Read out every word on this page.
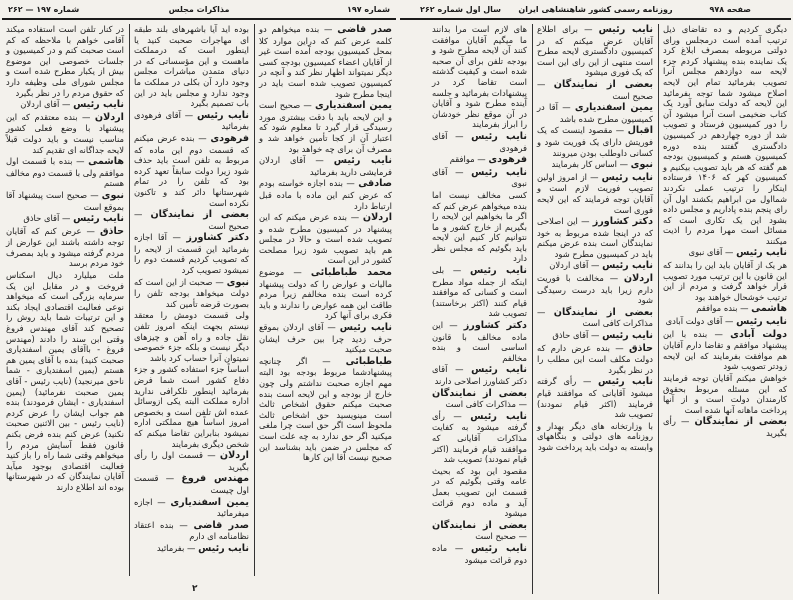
شماره ۱۹۷
مذاکرات مجلس
شماره ۱۹۷ — ۲۶۲

در کنار تلفن است استفاده میکند آقامی خواهم با ملاحظه که کم است صحبت کنم و در کمیسیون و جلسات خصوصی این موضوع بیش از یکبار مطرح شده است و مجلس شورای ملی وظیفه دارد که حقوق مردم را در نظر بگیرد

نایب رئیس — آقای اردلان

اردلان — بنده معتقدم که این پیشنهاد با وضع فعلی کشور مناسب نیست و باید دولت قبلاً لایحه جداگانه ای تقدیم کند

هاشمی — بنده با قسمت اول موافقم ولی با قسمت دوم مخالف هستم

نبوی — صحیح است پیشنهاد آقا بموقع است

نایب رئیس — آقای حاذق

حاذق — عرض کنم که آقایان توجه داشته باشند این عوارض از مردم گرفته میشود و باید بمصرف خود مردم برسد

ملت میلیارد دیال اسکناس فروخت و در مقابل این یک سرمایه بزرگی است که میخواهد نوعی فعالیت اقتصادی ایجاد بکند و این ترتیبات شما باید روش را تصحیح کند آقای مهندس فروغ وقتی ابن سند را دادند (مهندس فروغ - باآقای یمین اسفندیاری صحبت کنید) بنده با آقای یمین هم هستم (یمین اسفندیاری - شما ناحق میرنجید) (نایب رئیس - آقای یمین صحبت نفرمائید) (یمین اسفندیاری - ایشان فرمودند) بنده هم جواب ایشان را عرض کردم (نایب رئیس - بین الاثنین صحبت نکنید) عرض کنم بنده فرض بکنم قانون فقط آسایش مردم را میخواهم وقتی شما راه را باز کنید فعالیت اقتصادی بوجود میآید آقایان نمایندگان که در شهرستانها بوده اند اطلاع دارند

بوده اید آیا باشهرهای بلند طبقه ای مهاجرات صحبت کنید یا اینطور است که درمملکت ماهست و این مؤسساتی که در دنیای متمدن مباشرات مجلس وجود دارد آن بکلی در مملکت ما وجود ندارد و مجلس باید در این باب تصمیم بگیرد

نایب رئیس — آقای فرهودی بفرمائید

فرهودی — بنده عرض میکنم که قسمت دوم این ماده که مربوط به تلفن است باید حذف شود زیرا دولت سابقاً تعهد کرده بود که تلفن را در تمام شهرستانها دائر کند و تاکنون نکرده است

بعضی از نمایندگان — صحیح است

دکتر کشاورز — آقا اجازه بفرمائید این قسمت از لایحه را که تصویب کردیم قسمت دوم را نمیشود تصویب کرد

نبوی — صحبت از این است که دولت میخواهد بودجه تلفن را بصورت قرضه تأمین کند

ولی قسمت دومش را معتقد نیستم بجهت اینکه امروز تلفن نقل جاده و راه آهن و چیزهای دیگر نیست و بلکه جزء خصوصی نمیتوان آنرا حساب کرد باشد

اساساً جزء استفاده کشور و جزء دفاع کشور است شما فرض بفرمائید اینطور تلکرافی ندارید اداره مملکت البته یکی ازوسائل عمده اش تلفن است و بخصوص امروز اساساً هیچ مملکتی اداره نمیشود بنابراین تقاضا میکنم که شخص دیگری بفرمایند

اردلان — قسمت اول را رأی بگیرید

مهندس فروغ — قسمت اول چیست

یمین اسفندیاری — اجازه میفرمائید

صدر قاضی — بنده اعتقاد نظامنامه ای دارم

نایب رئیس — بفرمائید

صدر قاضی — بنده میخواهم دو کلمه عرض کنم که دراین موارد کلا بمحل کمیسیون بودجه آمده است غیر از آقایان اعضاء کمیسیون بودجه کسی دیگر نمیتواند اظهار نظر کند و آنچه در کمیسیون تصویب شده است باید در اینجا مطرح شود

یمین اسفندیاری — صحیح است و این لایحه باید با دقت بیشتری مورد رسیدگی قرار گیرد تا معلوم شود که اعتبار آن از کجا تأمین خواهد شد و مصرف آن برای چه خواهد بود

نایب رئیس — آقای اردلان فرمایشی دارید بفرمائید

صادقی — بنده اجازه خواسته بودم که عرض کنم این ماده با ماده قبل ارتباط دارد

اردلان — بنده عرض میکنم که این پیشنهاد در کمیسیون مطرح شده و تصویب شده است و حالا در مجلس هم باید تصویب شود زیرا مصلحت کشور در این است

محمد طباطبائی — موضوع مالیات و عوارض را که دولت پیشنهاد کرده است بنده مخالفم زیرا مردم طاقت این همه عوارض را ندارند و باید فکری برای آنها کرد

نایب رئیس — آقای اردلان بموقع حرف زدید چرا بین حرف ایشان صحبت میکنید

طباطبائی — اگر چنانچه پیشنهادشما مربوط بودجه بود البته مهم اجازه صحبت نداشتم ولی چون خارج از بودجه و این لایحه است بنده صحبت میکنم حقوق اشخاص ثالث است مینویسید حق اشخاص ثالث ملحوظ است اگر حق است چرا ملغی میکنید اگر حق ندارد به چه علت است که مجلس در ضمن باید بشناسد این صحیح نیست آقا این کارها

۲
صفحه ۹۷۸
روزنامه رسمی کشور شاهنشاهی ایران
سال اول شماره ۲۶۲

های لازم است مرا بدانند ما میگیم آقایان موافقت کنند آن لایحه مطرح شود و بودجه تلفن برای آن صحبه شده است و کیفیت گذشته است تقاضا کرد در پیشنهادات بفرمائید و جلسه آینده مطرح شود و آقایان در آن موقع نظر خودشان را ابراز بفرمایند

نایب رئیس — آقای فرهودی

فرهودی — موافقم

نایب رئیس — آقای نبوی

کسی مخالف نیست اما بنده میخواهم عرض کنم که اگر ما بخواهیم این لایحه را بگیریم از خارج کشور و ما نتوانیم کار کنیم این لایحه باید بگوئیم که مجلس نظر دارد

نایب رئیس — بلی اینکه از جمله مواد مطرح است و کسانی که موافقند قیام کنند (اکثر برخاستند) تصویب شد

دکتر کشاورز — این ماده مخالف با قانون اساسی است و بنده مخالفم

نایب رئیس — آقای دکتر کشاورز اصلاحی دارند

بعضی از نمایندگان — مذاکرات کافی است

نایب رئیس — رأی گرفته میشود به کفایت مذاکرات آقایانی که موافقند قیام فرمایند (اکثر قیام نمودند) تصویب شد

مقصود این بود که بحیث عامه وقتی بگوئیم که در قسمت این تصویب بعمل آید و ماده دوم قرائت میشود

بعضی از نمایندگان — صحیح است

نایب رئیس — ماده دوم قرائت میشود

نایب رئیس — برای اطلاع آقایان عرض میکنم که در کمیسیون دادگستری لایحه مطرح است منتهی از این رای این است که یک فوری میشود

بعضی از نمایندگان — صحیح است

یمین اسفندیاری — آقا در کمیسیون مطرح شده باشد

اقبال — مقصود اینست که یک فوریتش دارای یک فوریت شود و کسانی داوطلب بودن میرونند

نبوی — اساس کار بفرمایند

نایب رئیس — از امروز اولین تصویب فوریت لازم است و آقایان توجه فرمایند که این لایحه فوری است

دکتر کشاورز — این اصلاحی که در اینجا شده مربوط به خود نمایندگان است بنده عرض میکنم باید در کمیسیون مطرح شود

نایب رئیس — آقای اردلان

اردلان — مخالفت با فوریت دارم زیرا باید درست رسیدگی شود

بعضی از نمایندگان — مذاکرات کافی است

نایب رئیس — آقای حاذق

حاذق — بنده عرض دارم که دولت مکلف است این مطلب را در نظر بگیرد

نایب رئیس — رأی گرفته میشود آقایانی که موافقند قیام فرمایند (اکثر قیام نمودند) تصویب شد

با وزارتخانه های دیگر بهدار و روزنامه های دولتی و بنگاههای وابسته به دولت باید پرداخت شود

دیگری کردیم و ده تقاضای ذیل ترتیب آمده است درمجلس ورای دولتی مربوطه بمصرف ابلاغ کرد یک نماینده بنده پیشنهاد کردم جزء لایحه سه دوازدهم مجلس آنرا تصویب بفرمائید تمام این لایحه اصلاح میشود شما توجه بفرمائید این لایحه که دولت سابق آورد یک کتاب ضخیمی است آنرا میشود آن را دور کمیسیون فرستاد و تصویب شد از دوره چهاردهم در کمیسیون دادگستری گفتند بنده دوره کمیسیون هستم و کمیسیون بودجه هم گفته که هر باید تصویب بیکنیم و کمیسیون کهر که ۱۴۰۶ فرستاده اینکار را ترتیب عملی نکردند شمااول من ابراهیم بکشند اول آن رای پنجم بنده پاداریم و مجلس داده بشود این یک تکاری است که مسائل است مهرا مردم را اذیت میکنند

نایب رئیس — آقای نبوی

هر یک از آقایان باید این را بدانند که این قانون با این ترتیب مورد تصویب قرار خواهد گرفت و مردم از این ترتیب خوشحال خواهند بود

هاشمی — بنده موافقم

نایب رئیس — آقای دولت آبادی

دولت آبادی — بنده با این پیشنهاد موافقم و تقاضا دارم آقایان هم موافقت بفرمایند که این لایحه زودتر تصویب شود

خواهش میکنم آقایان توجه فرمایند که این مسئله مربوط بحقوق کارمندان دولت است و از آنها پرداخت ماهانه آنها شده است

بعضی از نمایندگان — رأی بگیرید
